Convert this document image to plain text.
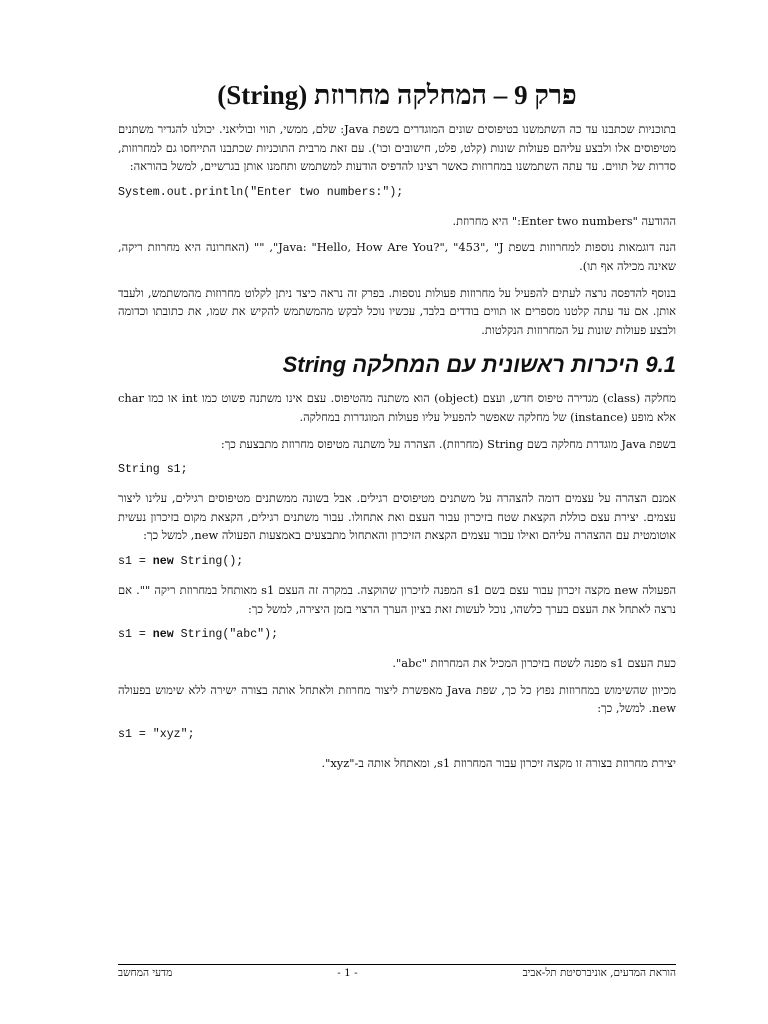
פרק 9 – המחלקה מחרוזת (String)

בתוכניות שכתבנו עד כה השתמשנו בטיפוסים שונים המוגדרים בשפת Java: שלם, ממשי, תווי ובוליאני. יכולנו להגדיר משתנים מטיפוסים אלו ולבצע עליהם פעולות שונות (קלט, פלט, חישובים וכו'). עם זאת מרבית התוכניות שכתבנו התייחסו גם למחרוזות, סדרות של תווים. עד עתה השתמשנו במחרוזות כאשר רצינו להדפיס הודעות למשתמש ותחמנו אותן בגרשיים, למשל בהוראה:

System.out.println("Enter two numbers:");

ההודעה "Enter two numbers:" היא מחרוזת.

הנה דוגמאות נוספות למחרוזות בשפת Java: "Hello, How Are You?", "453", "J", "" (האחרונה היא מחרוזת ריקה, שאינה מכילה אף תו).

בנוסף להדפסה נרצה לעתים להפעיל על מחרוזות פעולות נוספות. בפרק זה נראה כיצד ניתן לקלוט מחרוזות מהמשתמש, ולעבד אותן. אם עד עתה קלטנו מספרים או תווים בודדים בלבד, עכשיו נוכל לבקש מהמשתמש להקיש את שמו, את כתובתו וכדומה ולבצע פעולות שונות על המחרוזות הנקלטות.

9.1 היכרות ראשונית עם המחלקה String

מחלקה (class) מגדירה טיפוס חדש, ועצם (object) הוא משתנה מהטיפוס. עצם אינו משתנה פשוט כמו int או כמו char אלא מופע (instance) של מחלקה שאפשר להפעיל עליו פעולות המוגדרות במחלקה.

בשפת Java מוגדרת מחלקה בשם String (מחרוזת). הצהרה על משתנה מטיפוס מחרוזת מתבצעת כך:

String s1;

אמנם הצהרה על עצמים דומה להצהרה על משתנים מטיפוסים רגילים. אבל בשונה ממשתנים מטיפוסים רגילים, עלינו ליצור עצמים. יצירת עצם כוללת הקצאת שטח בזיכרון עבור העצם ואת אתחולו. עבור משתנים רגילים, הקצאת מקום בזיכרון נעשית אוטומטית עם ההצהרה עליהם ואילו עבור עצמים הקצאת הזיכרון והאתחול מתבצעים באמצעות הפעולה new, למשל כך:

s1 = new String();

הפעולה new מקצה זיכרון עבור עצם בשם s1 המפנה לזיכרון שהוקצה. במקרה זה העצם s1 מאותחל במחרוזת ריקה "". אם נרצה לאתחל את העצם בערך כלשהו, נוכל לעשות זאת בציון הערך הרצוי בזמן היצירה, למשל כך:

s1 = new String("abc");

כעת העצם s1 מפנה לשטח בזיכרון המכיל את המחרוזת "abc".

מכיוון שהשימוש במחרוזות נפוץ כל כך, שפת Java מאפשרת ליצור מחרוזת ולאתחל אותה בצורה ישירה ללא שימוש בפעולה new. למשל, כך:

s1 = "xyz";

יצירת מחרוזת בצורה זו מקצה זיכרון עבור המחרוזת s1, ומאתחל אותה ב-"xyz".

הוראת המדעים, אוניברסיטת תל-אביב
- 1 -
מדעי המחשב
